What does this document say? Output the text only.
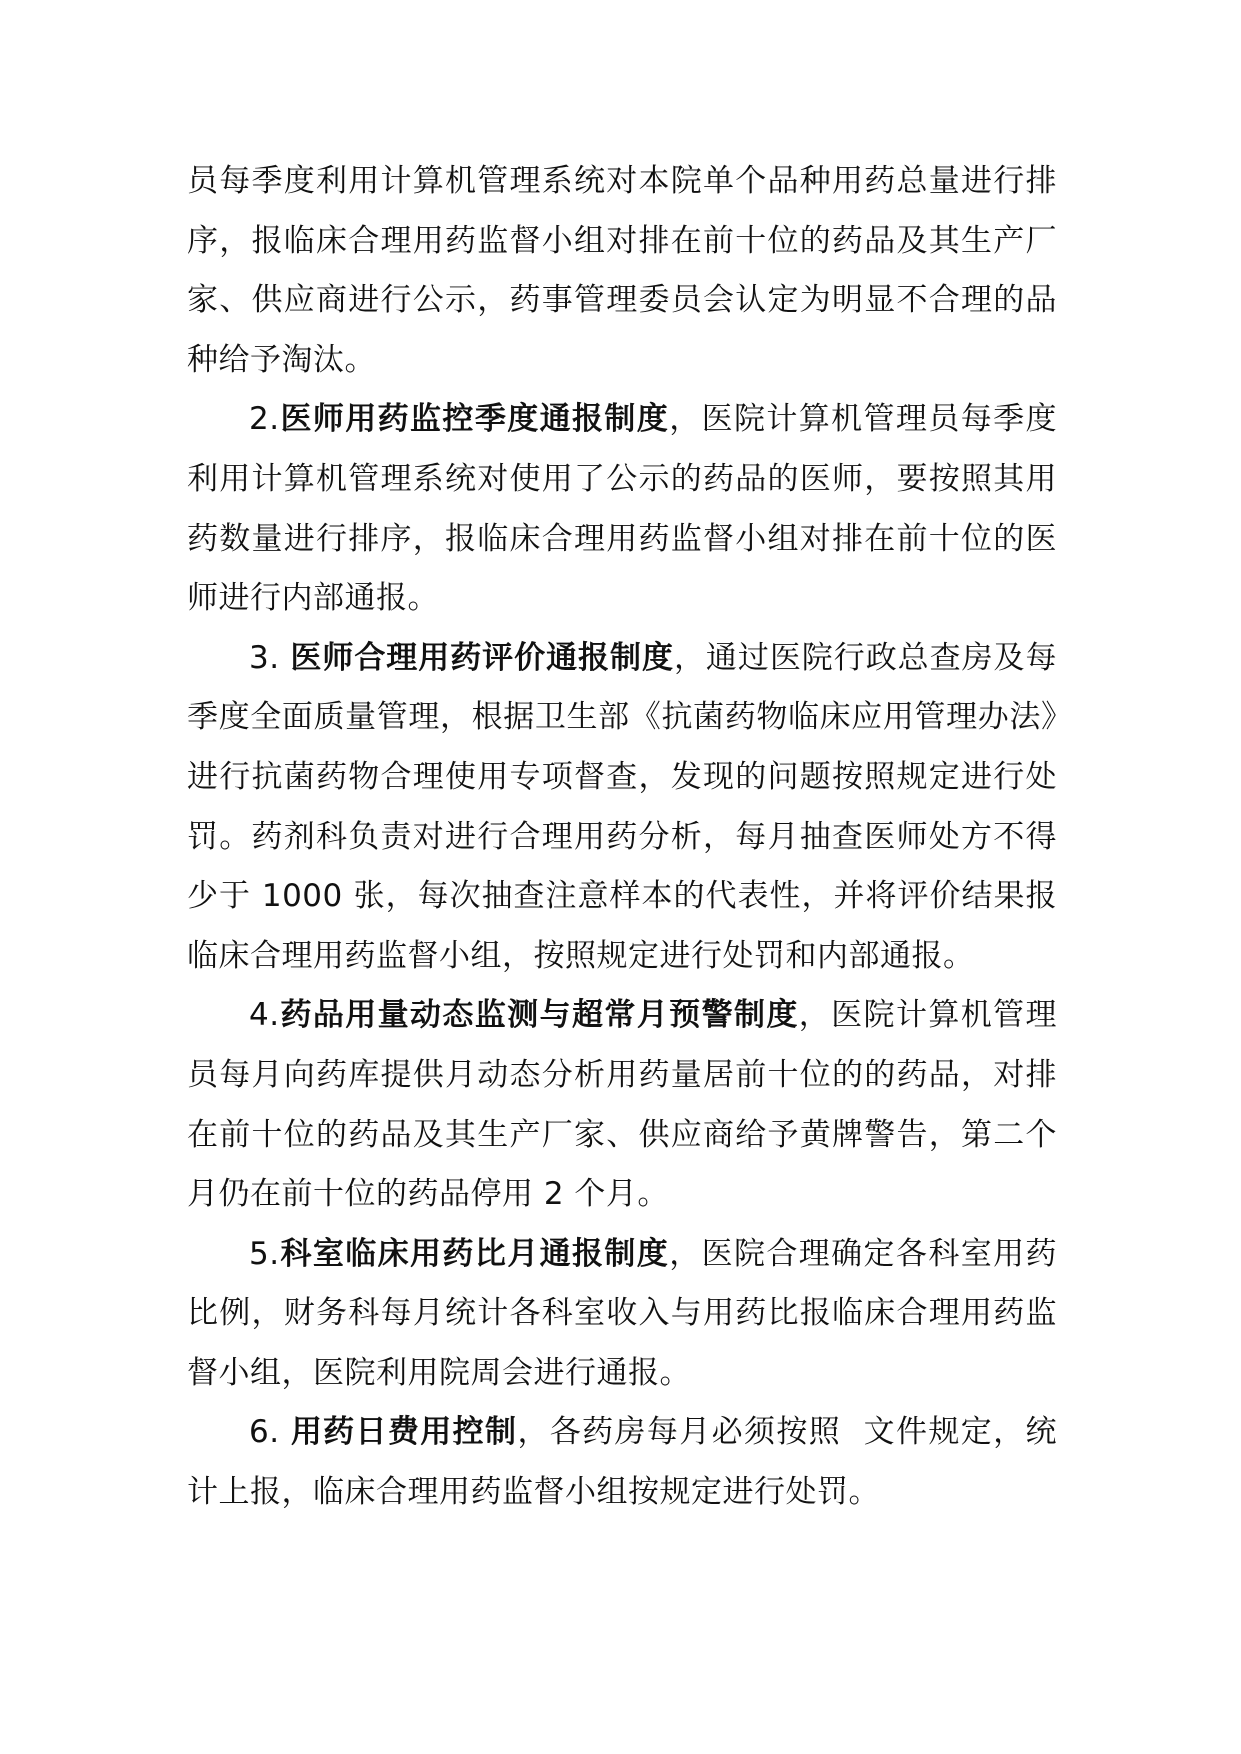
员每季度利用计算机管理系统对本院单个品种用药总量进行排序，报临床合理用药监督小组对排在前十位的药品及其生产厂家、供应商进行公示，药事管理委员会认定为明显不合理的品种给予淘汰。

2.医师用药监控季度通报制度，医院计算机管理员每季度利用计算机管理系统对使用了公示的药品的医师，要按照其用药数量进行排序，报临床合理用药监督小组对排在前十位的医师进行内部通报。

3. 医师合理用药评价通报制度，通过医院行政总查房及每季度全面质量管理，根据卫生部《抗菌药物临床应用管理办法》进行抗菌药物合理使用专项督查，发现的问题按照规定进行处罚。药剂科负责对进行合理用药分析，每月抽查医师处方不得少于 1000 张，每次抽查注意样本的代表性，并将评价结果报临床合理用药监督小组，按照规定进行处罚和内部通报。

4.药品用量动态监测与超常月预警制度，医院计算机管理员每月向药库提供月动态分析用药量居前十位的的药品，对排在前十位的药品及其生产厂家、供应商给予黄牌警告，第二个月仍在前十位的药品停用 2 个月。

5.科室临床用药比月通报制度，医院合理确定各科室用药比例，财务科每月统计各科室收入与用药比报临床合理用药监督小组，医院利用院周会进行通报。

6. 用药日费用控制，各药房每月必须按照  文件规定，统计上报，临床合理用药监督小组按规定进行处罚。
